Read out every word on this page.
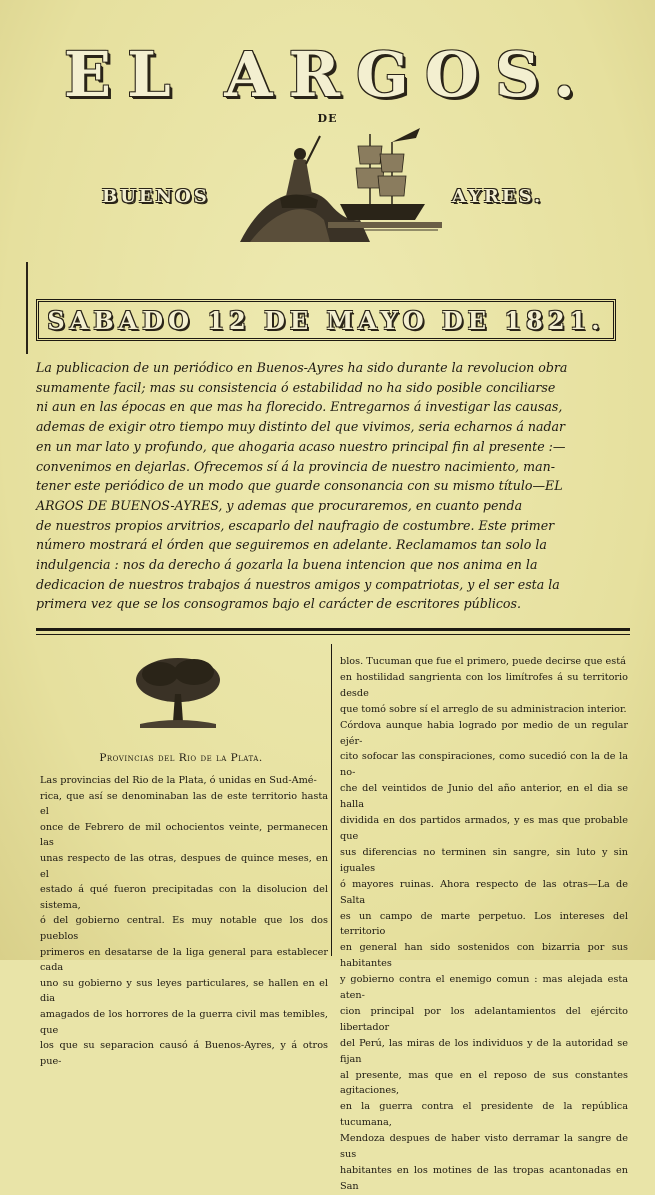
EL ARGOS.
DE
BUENOS	AYRES.
SABADO 12 DE MAYO DE 1821.
La publicacion de un periódico en Buenos-Ayres ha sido durante la revolucion obra
sumamente facil; mas su consistencia ó estabilidad no ha sido posible conciliarse
ni aun en las épocas en que mas ha florecido. Entregarnos á investigar las causas,
ademas de exigir otro tiempo muy distinto del que vivimos, seria echarnos á nadar
en un mar lato y profundo, que ahogaria acaso nuestro principal fin al presente :—
convenimos en dejarlas. Ofrecemos sí á la provincia de nuestro nacimiento, man-
tener este periódico de un modo que guarde consonancia con su mismo título—EL
ARGOS DE BUENOS-AYRES, y ademas que procuraremos, en cuanto penda
de nuestros propios arvitrios, escaparlo del naufragio de costumbre. Este primer
número mostrará el órden que seguiremos en adelante. Reclamamos tan solo la
indulgencia : nos da derecho á gozarla la buena intencion que nos anima en la
dedicacion de nuestros trabajos á nuestros amigos y compatriotas, y el ser esta la
primera vez que se los consogramos bajo el carácter de escritores públicos.
Provincias del Rio de la Plata.
Las provincias del Rio de la Plata, ó unidas en Sud-Amé-
rica, que así se denominaban las de este territorio hasta el
once de Febrero de mil ochocientos veinte, permanecen las
unas respecto de las otras, despues de quince meses, en el
estado á qué fueron precipitadas con la disolucion del sistema,
ó del gobierno central. Es muy notable que los dos pueblos
primeros en desatarse de la liga general para establecer cada
uno su gobierno y sus leyes particulares, se hallen en el dia
amagados de los horrores de la guerra civil mas temibles, que
los que su separacion causó á Buenos-Ayres, y á otros pue-
blos. Tucuman que fue el primero, puede decirse que está
en hostilidad sangrienta con los limítrofes á su territorio desde
que tomó sobre sí el arreglo de su administracion interior.
Córdova aunque habia logrado por medio de un regular ejér-
cito sofocar las conspiraciones, como sucedió con la de la no-
che del veintidos de Junio del año anterior, en el dia se halla
dividida en dos partidos armados, y es mas que probable que
sus diferencias no terminen sin sangre, sin luto y sin iguales
ó mayores ruinas. Ahora respecto de las otras—La de Salta
es un campo de marte perpetuo. Los intereses del territorio
en general han sido sostenidos con bizarria por sus habitantes
y gobierno contra el enemigo comun : mas alejada esta aten-
cion principal por los adelantamientos del ejército libertador
del Perú, las miras de los individuos y de la autoridad se fijan
al presente, mas que en el reposo de sus constantes agitaciones,
en la guerra contra el presidente de la república tucumana,
Mendoza despues de haber visto derramar la sangre de sus
habitantes en los motines de las tropas acantonadas en San
